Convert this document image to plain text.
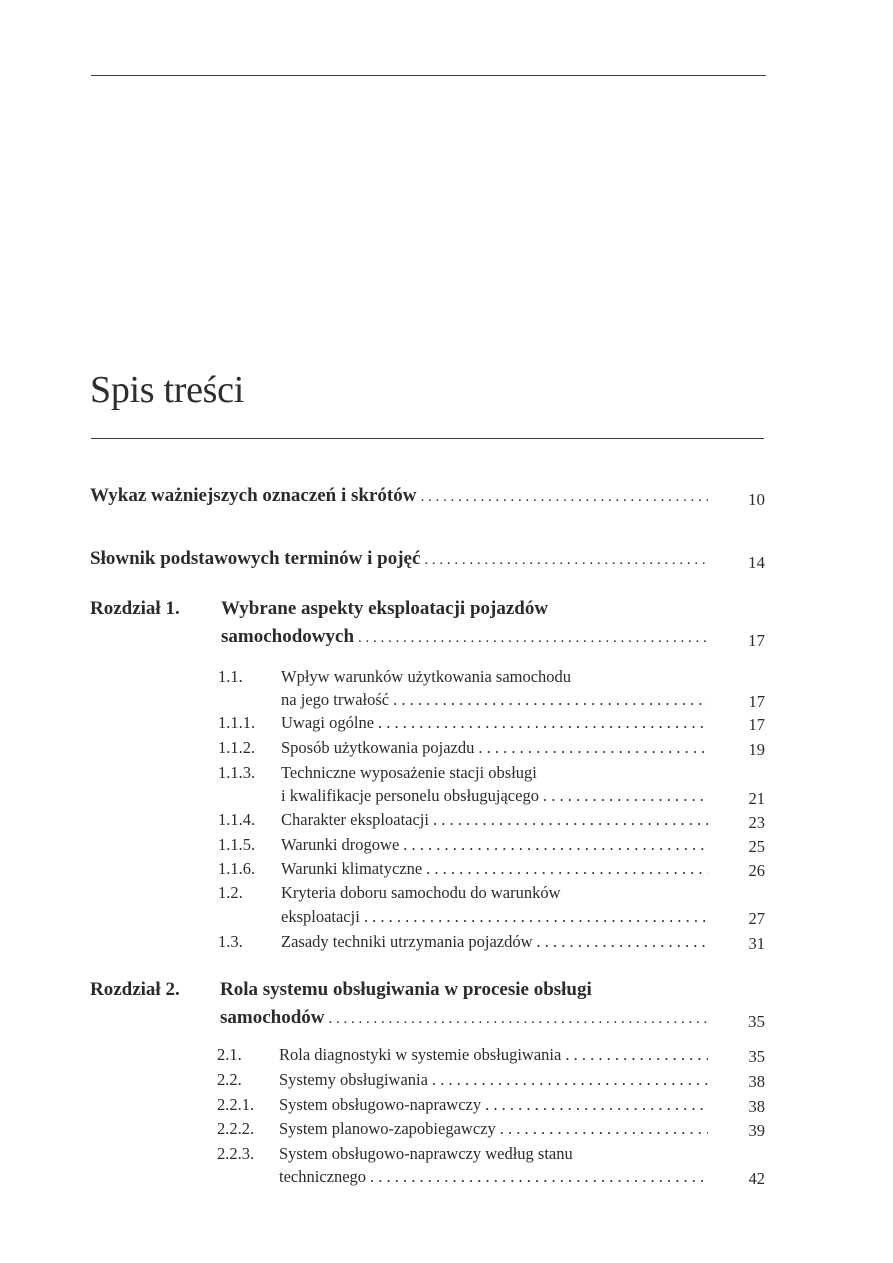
Spis treści
Wykaz ważniejszych oznaczeń i skrótów . . .	10
Słownik podstawowych terminów i pojęć . . .	14
Rozdział 1. Wybrane aspekty eksploatacji pojazdów
samochodowych . . .	17
1.1. Wpływ warunków użytkowania samochodu
na jego trwałość . . .	17
1.1.1. Uwagi ogólne . . .	17
1.1.2. Sposób użytkowania pojazdu . . .	19
1.1.3. Techniczne wyposażenie stacji obsługi
i kwalifikacje personelu obsługującego . . .	21
1.1.4. Charakter eksploatacji . . .	23
1.1.5. Warunki drogowe . . .	25
1.1.6. Warunki klimatyczne . . .	26
1.2. Kryteria doboru samochodu do warunków
eksploatacji . . .	27
1.3. Zasady techniki utrzymania pojazdów . . .	31
Rozdział 2. Rola systemu obsługiwania w procesie obsługi
samochodów . . .	35
2.1. Rola diagnostyki w systemie obsługiwania . . .	35
2.2. Systemy obsługiwania . . .	38
2.2.1. System obsługowo-naprawczy . . .	38
2.2.2. System planowo-zapobiegawczy . . .	39
2.2.3. System obsługowo-naprawczy według stanu
technicznego . . .	42
